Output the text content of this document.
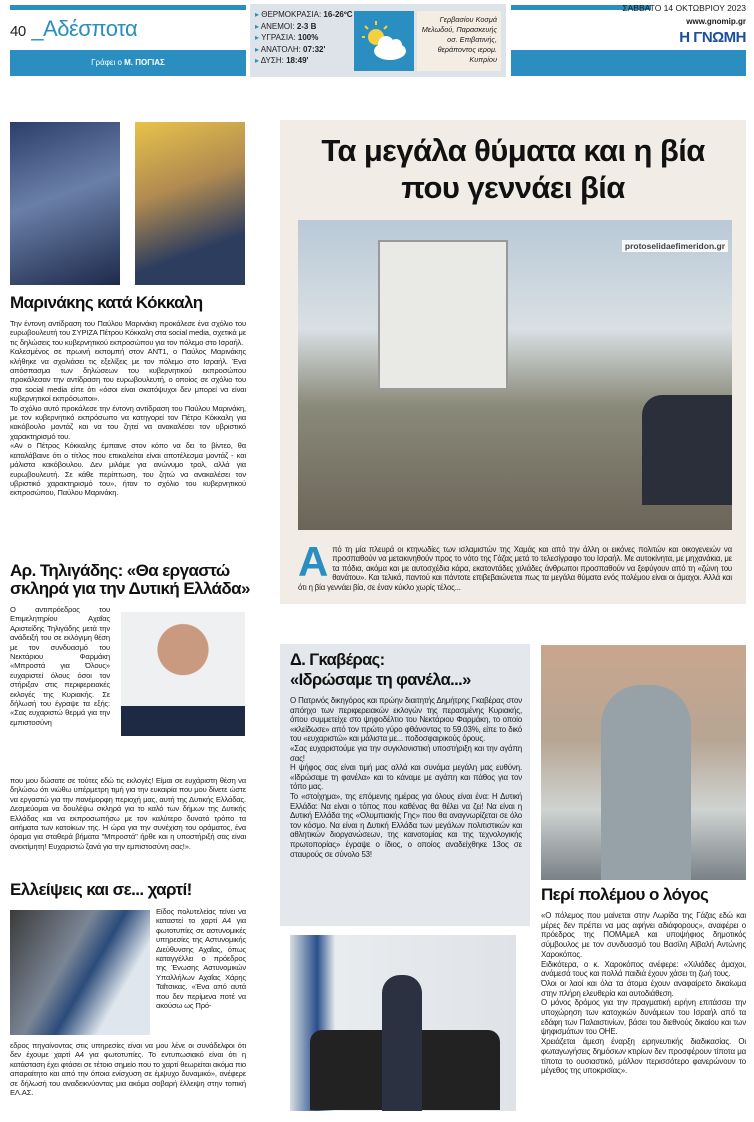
40 _Αδέσποτα
Γράφει ο Μ. ΠΟΓΙΑΣ
▸ ΘΕΡΜΟΚΡΑΣΙΑ: 16-26ºC
▸ ΑΝΕΜΟΙ: 2-3 B
▸ ΥΓΡΑΣΙΑ: 100%
▸ ΑΝΑΤΟΛΗ: 07:32'
▸ ΔΥΣΗ: 18:49'
Γερβασίου Κοσμά Μελωδού, Παρασκευής οσ. Επιβατινής, θεράποντος ιερομ. Κυπρίου
ΣΑΒΒΑΤΟ 14 ΟΚΤΩΒΡΙΟΥ 2023
www.gnomip.gr
Η ΓΝΩΜΗ
Μαρινάκης κατά Κόκκαλη

Την έντονη αντίδραση του Παύλου Μαρινάκη προκάλεσε ένα σχόλιο του ευρωβουλευτή του ΣΥΡΙΖΑ Πέτρου Κόκκαλη στα social media, σχετικά με τις δηλώσεις του κυβερνητικού εκπροσώπου για τον πόλεμο στο Ισραήλ.

Καλεσμένος σε πρωινή εκπομπή στον ΑΝΤ1, ο Παύλος Μαρινάκης κλήθηκε να σχολιάσει τις εξελίξεις με τον πόλεμο στο Ισραήλ. Ένα απόσπασμα των δηλώσεων του κυβερνητικού εκπροσώπου προκάλεσαν την αντίδραση του ευρωβουλευτή, ο οποίος σε σχόλιο του στα social media είπε ότι «όσοι είναι σκατόψυχοι δεν μπορεί να είναι κυβερνητικοί εκπρόσωποι».

Το σχόλιο αυτό προκάλεσε την έντονη αντίδραση του Παύλου Μαρινάκη, με τον κυβερνητικό εκπρόσωπο να κατηγορεί τον Πέτρο Κόκκαλη για κακόβουλο μοντάζ και να του ζητεί να ανακαλέσει τον υβριστικό χαρακτηρισμό του.

«Αν ο Πέτρος Κόκκαλης έμπαινε στον κόπο να δει το βίντεο, θα καταλάβαινε ότι ο τίτλος που επικαλείται είναι αποτέλεσμα μοντάζ - και μάλιστα κακόβουλου. Δεν μιλάμε για ανώνυμο τρολ, αλλά για ευρωβουλευτή. Σε κάθε περίπτωση, του ζητώ να ανακαλέσει τον υβριστικό χαρακτηρισμό του», ήταν το σχόλιο του κυβερνητικού εκπροσώπου, Παύλου Μαρινάκη.

Αρ. Τηλιγάδης: «Θα εργαστώ σκληρά για την Δυτική Ελλάδα»
Ο αντιπρόεδρος του Επιμελητηρίου Αχαΐας Αριστείδης Τηλιγάδης μετά την ανάδειξή του σε εκλόγιμη θέση με τον συνδυασμό του Νεκτάριου Φαρμάκη «Μπροστά για Όλους» ευχαριστεί όλους όσοι τον στήριξαν στις περιφερειακές εκλογές της Κυριακής. Σε δήλωσή του έγραψε τα εξής: «Σας ευχαριστώ θερμά για την εμπιστοσύνη
που μου δώσατε σε τούτες εδώ τις εκλογές! Είμαι σε ευχάριστη θέση να δηλώσω ότι νιώθω υπέρμετρη τιμή για την ευκαιρία που μου δίνετε ώστε να εργαστώ για την πανέμορφη περιοχή μας, αυτή της Δυτικής Ελλάδας. Δεσμεύομαι να δουλέψω σκληρά για το καλό των δήμων της Δυτικής Ελλάδας και να εκπροσωπήσω με τον καλύτερο δυνατό τρόπο τα αιτήματα των κατοίκων της. Η ώρα για την συνέχιση του οράματος, ένα όραμα για σταθερά βήματα "Μπροστά" ήρθε και η υποστήριξή σας είναι ανεκτίμητη! Ευχαριστώ ξανά για την εμπιστοσύνη σας!».
Ελλείψεις και σε... χαρτί!
Είδος πολυτελείας τείνει να καταστεί το χαρτί Α4 για φωτοτυπίες σε αστυνομικές υπηρεσίες της Αστυνομικής Διεύθυνσης Αχαΐας, όπως καταγγέλλει ο πρόεδρος της Ένωσης Αστυνομικών Υπαλλήλων Αχαΐας Χάρης Ταΐτσικας. «Ένα από αυτά που δεν περίμενα ποτέ να ακούσω ως Πρό-
εδρος πηγαίνοντας στις υπηρεσίες είναι να μου λένε οι συνάδελφοι ότι δεν έχουμε χαρτί Α4 για φωτοτυπίες. Το εντυπωσιακό είναι ότι η κατάσταση έχει φτάσει σε τέτοιο σημείο που το χαρτί θεωρείται ακόμα πιο απαραίτητο και από την όποια ενίσχυση σε έμψυχο δυναμικό», ανέφερε σε δήλωσή του αναδεικνύοντας μια ακόμα σοβαρή έλλειψη στην τοπική ΕΛ.ΑΣ.
Τα μεγάλα θύματα και η βία
που γεννάει βία
protoselidaefimeridon.gr
Από τη μία πλευρά οι κτηνωδίες των ισλαμιστών της Χαμάς και από την άλλη οι εικόνες πολιτών και οικογενειών να προσπαθούν να μετακινηθούν προς το νότο της Γάζας μετά το τελεσίγραφο του Ισραήλ. Με αυτοκίνητα, με μηχανάκια, με τα πόδια, ακόμα και με αυτοσχέδια κάρα, εκατοντάδες χιλιάδες άνθρωποι προσπαθούν να ξεφύγουν από τη «ζώνη του θανάτου». Και τελικά, παντού και πάντοτε επιβεβαιώνεται πως τα μεγάλα θύματα ενός πολέμου είναι οι άμαχοι. Αλλά και ότι η βία γεννάει βία, σε έναν κύκλο χωρίς τέλος...
Δ. Γκαβέρας:
«Ιδρώσαμε τη φανέλα...»

Ο Πατρινός δικηγόρος και πρώην διαιτητής Δημήτρης Γκαβέρας στον απόηχο των περιφερειακών εκλογών της περασμένης Κυριακής, όπου συμμετείχε στο ψηφοδέλτιο του Νεκτάριου Φαρμάκη, το οποίο «κλείδωσε» από τον πρώτο γύρο φθάνοντας το 59.03%, είπε το δικό του «ευχαριστώ» και μάλιστα με... ποδοσφαιρικούς όρους.

«Σας ευχαριστούμε για την συγκλονιστική υποστήριξη και την αγάπη σας!

Η ψήφος σας είναι τιμή μας αλλά και συνάμα μεγάλη μας ευθύνη. «Ιδρώσαμε τη φανέλα» και το κάναμε με αγάπη και πάθος για τον τόπο μας.

Το «στοίχημα», της επόμενης ημέρας για όλους είναι ένα: Η Δυτική Ελλάδα: Να είναι ο τόπος που καθένας θα θέλει να ζει! Να είναι η Δυτική Ελλάδα της «Ολυμπιακής Γης» που θα αναγνωρίζεται σε όλο τον κόσμο. Να είναι η Δυτική Ελλάδα των μεγάλων πολιτιστικών και αθλητικών διοργανώσεων, της καινοτομίας και της τεχνολογικής πρωτοπορίας» έγραψε ο ίδιος, ο οποίος αναδείχθηκε 13ος σε σταυρούς σε σύνολο 53!

Περί πολέμου ο λόγος

«Ο πόλεμος που μαίνεται στην Λωρίδα της Γάζας εδώ και μέρες δεν πρέπει να μας αφήνει αδιάφορους», αναφέρει ο πρόεδρος της ΠΟΜΑμεΑ και υποψήφιος δημοτικός σύμβουλος με τον συνδυασμό του Βασίλη Αϊβαλή Αντώνης Χαροκόπος.

Ειδικότερα, ο κ. Χαροκόπος ανέφερε: «Χιλιάδες άμαχοι, ανάμεσά τους και πολλά παιδιά έχουν χάσει τη ζωή τους.

Όλοι οι λαοί και όλα τα άτομα έχουν αναφαίρετο δικαίωμα στην πλήρη ελευθερία και αυτοδιάθεση.

Ο μόνος δρόμος για την πραγματική ειρήνη επιτάσσει την υποχώρηση των κατοχικών δυνάμεων του Ισραήλ από τα εδάφη των Παλαιστινίων, βάσει του διεθνούς δικαίου και των ψηφισμάτων του ΟΗΕ.

Χρειάζεται άμεση έναρξη ειρηνευτικής διαδικασίας. Οι φωταγωγήσεις δημόσιων κτιρίων δεν προσφέρουν τίποτα μα τίποτα το ουσιαστικό, μάλλον περισσότερο φανερώνουν το μέγεθος της υποκρισίας».
